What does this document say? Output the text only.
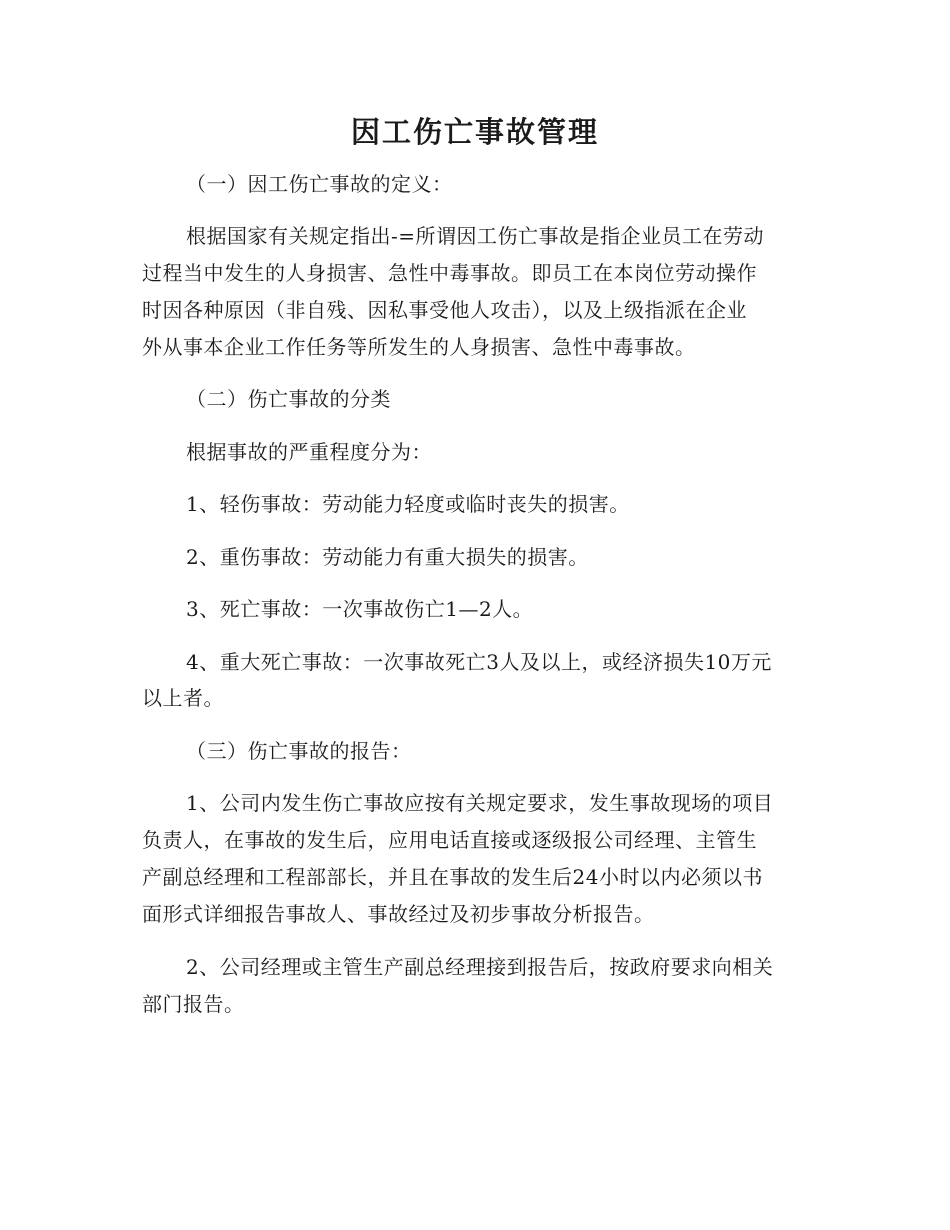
因工伤亡事故管理
（一）因工伤亡事故的定义：
根据国家有关规定指出-=所谓因工伤亡事故是指企业员工在劳动
过程当中发生的人身损害、急性中毒事故。即员工在本岗位劳动操作
时因各种原因（非自残、因私事受他人攻击），以及上级指派在企业
外从事本企业工作任务等所发生的人身损害、急性中毒事故。
（二）伤亡事故的分类
根据事故的严重程度分为：
1、轻伤事故：劳动能力轻度或临时丧失的损害。
2、重伤事故：劳动能力有重大损失的损害。
3、死亡事故：一次事故伤亡1—2人。
4、重大死亡事故：一次事故死亡3人及以上，或经济损失10万元
以上者。
（三）伤亡事故的报告：
1、公司内发生伤亡事故应按有关规定要求，发生事故现场的项目
负责人，在事故的发生后，应用电话直接或逐级报公司经理、主管生
产副总经理和工程部部长，并且在事故的发生后24小时以内必须以书
面形式详细报告事故人、事故经过及初步事故分析报告。
2、公司经理或主管生产副总经理接到报告后，按政府要求向相关
部门报告。
